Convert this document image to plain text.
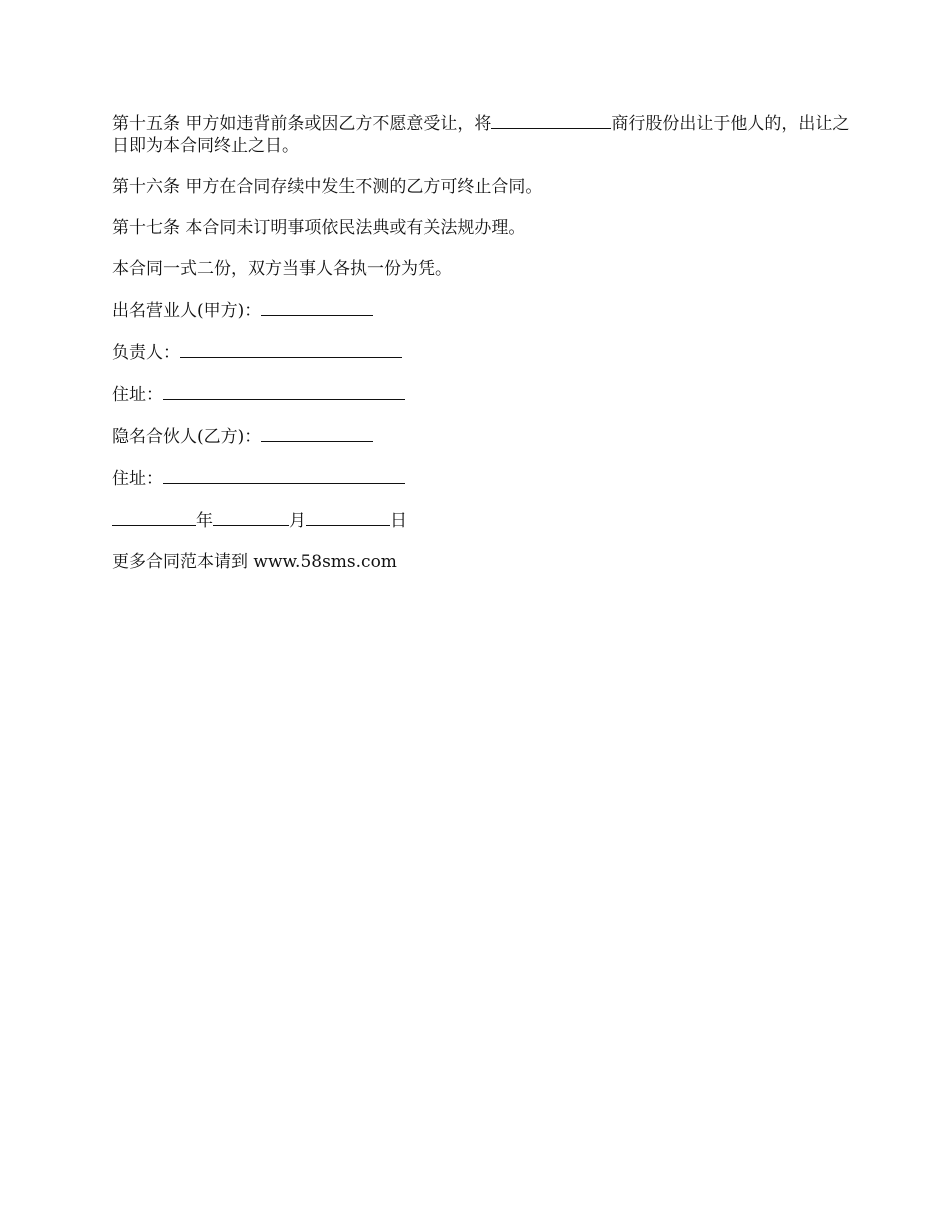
第十五条 甲方如违背前条或因乙方不愿意受让，将	商行股份出让于他人的，出让之日即为本合同终止之日。

第十六条 甲方在合同存续中发生不测的乙方可终止合同。

第十七条 本合同未订明事项依民法典或有关法规办理。

本合同一式二份，双方当事人各执一份为凭。

出名营业人(甲方)：

负责人：

住址：

隐名合伙人(乙方)：

住址：

年	月	日

更多合同范本请到 www.58sms.com
